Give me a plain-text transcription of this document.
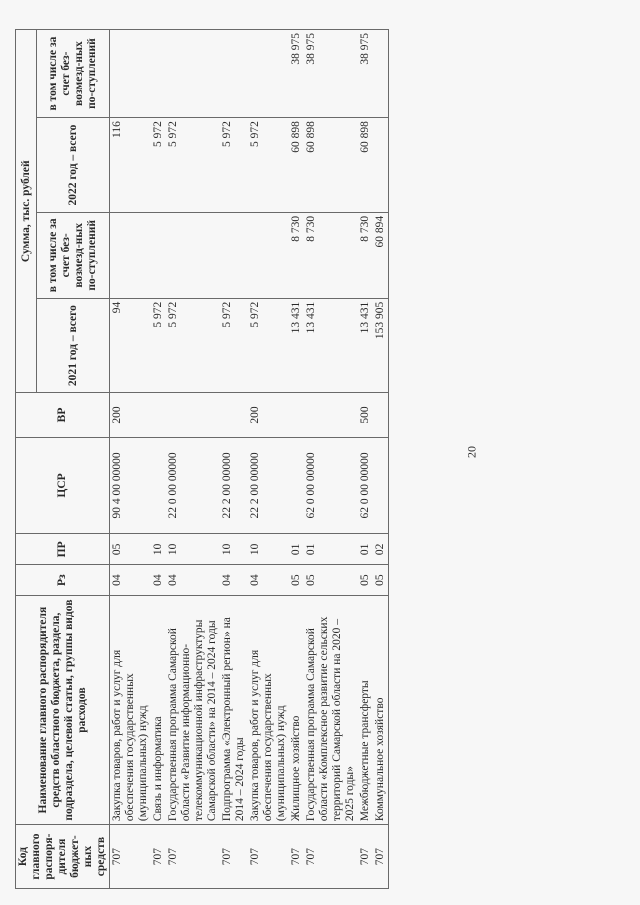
20
Код главного распоря-дителя бюджет-ных средств	Наименование главного распорядителя средств областного бюджета, раздела, подраздела, целевой статьи, группы видов расходов	Рз	ПР	ЦСР	ВР	Сумма, тыс. рублей			
						2021 год – всего	в том числе за счет без-возмезд-ных по-ступлений	2022 год – всего	в том числе за счет без-возмезд-ных по-ступлений
707	Закупка товаров, работ и услуг для обеспечения государственных (муниципальных) нужд	04	05	90 4 00 00000	200	94		116	
707	Связь и информатика	04	10			5 972		5 972	
707	Государственная программа Самарской области «Развитие информационно-телекоммуникационной инфраструктуры Самарской области» на 2014 – 2024 годы	04	10	22 0 00 00000		5 972		5 972	
707	Подпрограмма «Электронный регион» на 2014 – 2024 годы	04	10	22 2 00 00000		5 972		5 972	
707	Закупка товаров, работ и услуг для обеспечения государственных (муниципальных) нужд	04	10	22 2 00 00000	200	5 972		5 972	
707	Жилищное хозяйство	05	01			13 431	8 730	60 898	38 975
707	Государственная программа Самарской области «Комплексное развитие сельских территорий Самарской области на 2020 – 2025 годы»	05	01	62 0 00 00000		13 431	8 730	60 898	38 975
707	Межбюджетные трансферты	05	01	62 0 00 00000	500	13 431	8 730	60 898	38 975
707	Коммунальное хозяйство	05	02			153 905	60 894		
